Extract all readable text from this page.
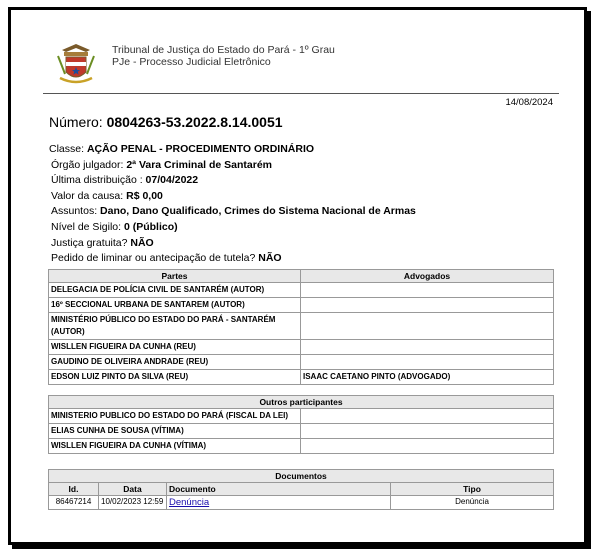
Tribunal de Justiça do Estado do Pará - 1º Grau
PJe - Processo Judicial Eletrônico
14/08/2024
Número: 0804263-53.2022.8.14.0051
Classe: AÇÃO PENAL - PROCEDIMENTO ORDINÁRIO
Órgão julgador: 2ª Vara Criminal de Santarém
Última distribuição : 07/04/2022
Valor da causa: R$ 0,00
Assuntos: Dano, Dano Qualificado, Crimes do Sistema Nacional de Armas
Nível de Sigilo: 0 (Público)
Justiça gratuita? NÃO
Pedido de liminar ou antecipação de tutela? NÃO
Partes	Advogados
DELEGACIA DE POLÍCIA CIVIL DE SANTARÉM (AUTOR)	
16º SECCIONAL URBANA DE SANTAREM (AUTOR)	
MINISTÉRIO PÚBLICO DO ESTADO DO PARÁ - SANTARÉM (AUTOR)	
WISLLEN FIGUEIRA DA CUNHA (REU)	
GAUDINO DE OLIVEIRA ANDRADE (REU)	
EDSON LUIZ PINTO DA SILVA (REU)	ISAAC CAETANO PINTO (ADVOGADO)
Outros participantes	
MINISTERIO PUBLICO DO ESTADO DO PARÁ (FISCAL DA LEI)	
ELIAS CUNHA DE SOUSA (VÍTIMA)	
WISLLEN FIGUEIRA DA CUNHA (VÍTIMA)	
Documentos			
Id.	Data	Documento	Tipo
86467214	10/02/2023 12:59	Denúncia	Denúncia
